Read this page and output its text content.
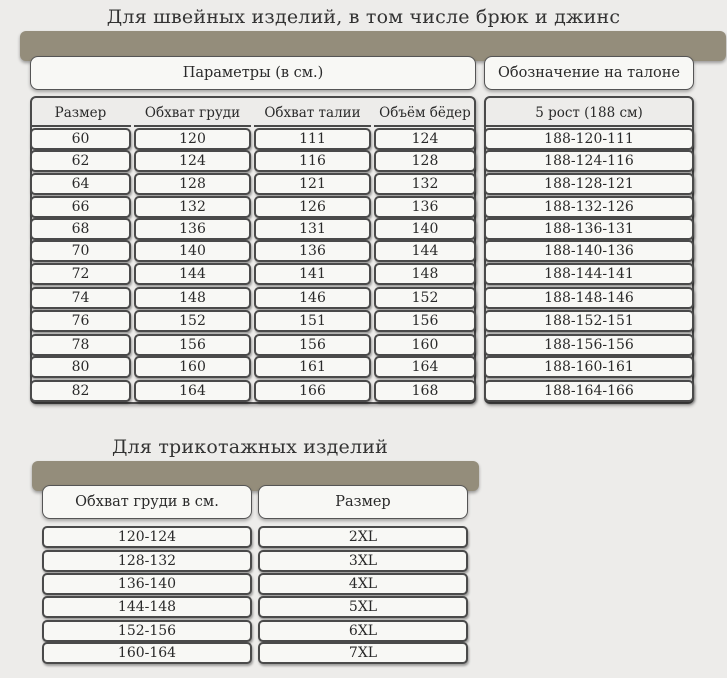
Для швейных изделий, в том числе брюк и джинс
Параметры (в см.)	Обозначение на талоне
Размер	Обхват груди	Обхват талии	Объём бёдер	5 рост (188 см)
60	120	111	124	188-120-111
62	124	116	128	188-124-116
64	128	121	132	188-128-121
66	132	126	136	188-132-126
68	136	131	140	188-136-131
70	140	136	144	188-140-136
72	144	141	148	188-144-141
74	148	146	152	188-148-146
76	152	151	156	188-152-151
78	156	156	160	188-156-156
80	160	161	164	188-160-161
82	164	166	168	188-164-166
Для трикотажных изделий
Обхват груди в см.	Размер
120-124	2XL
128-132	3XL
136-140	4XL
144-148	5XL
152-156	6XL
160-164	7XL
